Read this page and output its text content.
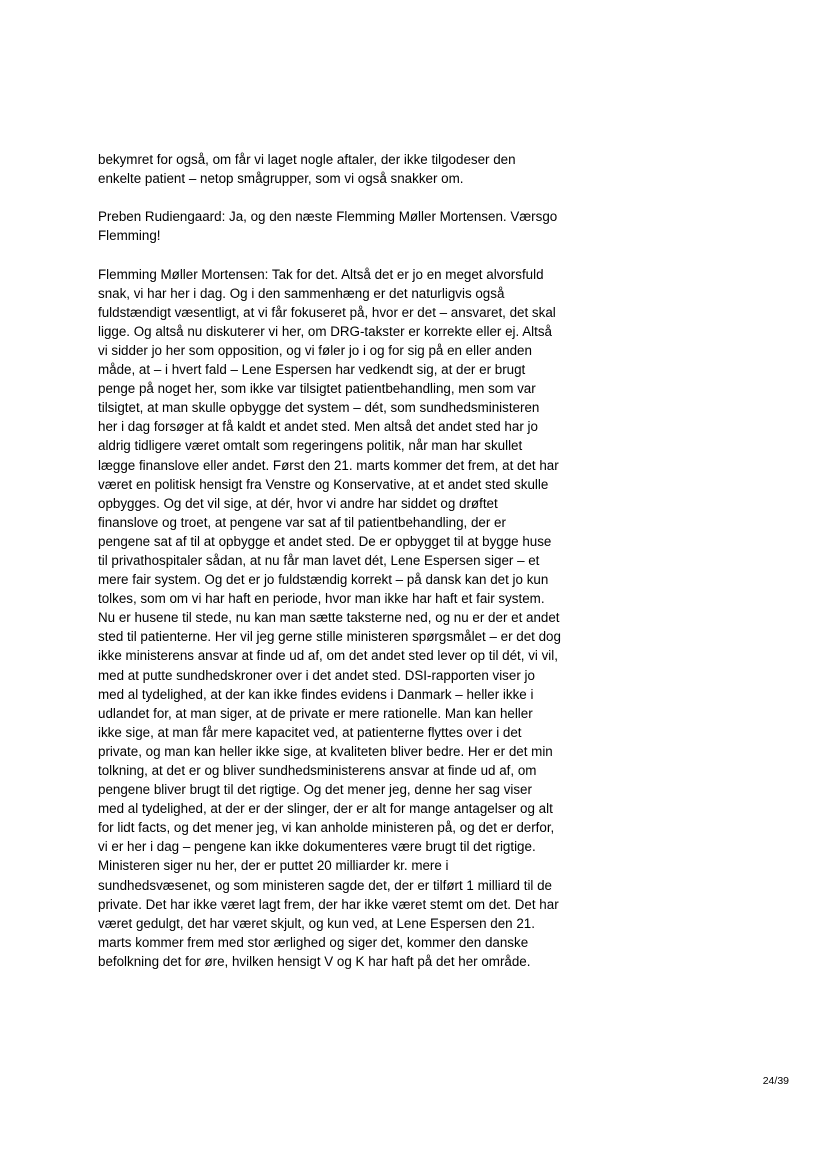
bekymret for også, om får vi laget nogle aftaler, der ikke tilgodeser den
enkelte patient – netop smågrupper, som vi også snakker om.

Preben Rudiengaard: Ja, og den næste Flemming Møller Mortensen. Værsgo
Flemming!

Flemming Møller Mortensen: Tak for det. Altså det er jo en meget alvorsfuld
snak, vi har her i dag. Og i den sammenhæng er det naturligvis også
fuldstændigt væsentligt, at vi får fokuseret på, hvor er det – ansvaret, det skal
ligge. Og altså nu diskuterer vi her, om DRG-takster er korrekte eller ej. Altså
vi sidder jo her som opposition, og vi føler jo i og for sig på en eller anden
måde, at – i hvert fald – Lene Espersen har vedkendt sig, at der er brugt
penge på noget her, som ikke var tilsigtet patientbehandling, men som var
tilsigtet, at man skulle opbygge det system – dét, som sundhedsministeren
her i dag forsøger at få kaldt et andet sted. Men altså det andet sted har jo
aldrig tidligere været omtalt som regeringens politik, når man har skullet
lægge finanslove eller andet. Først den 21. marts kommer det frem, at det har
været en politisk hensigt fra Venstre og Konservative, at et andet sted skulle
opbygges. Og det vil sige, at dér, hvor vi andre har siddet og drøftet
finanslove og troet, at pengene var sat af til patientbehandling, der er
pengene sat af til at opbygge et andet sted. De er opbygget til at bygge huse
til privathospitaler sådan, at nu får man lavet dét, Lene Espersen siger – et
mere fair system. Og det er jo fuldstændig korrekt – på dansk kan det jo kun
tolkes, som om vi har haft en periode, hvor man ikke har haft et fair system.
Nu er husene til stede, nu kan man sætte taksterne ned, og nu er der et andet
sted til patienterne. Her vil jeg gerne stille ministeren spørgsmålet – er det dog
ikke ministerens ansvar at finde ud af, om det andet sted lever op til dét, vi vil,
med at putte sundhedskroner over i det andet sted. DSI-rapporten viser jo
med al tydelighed, at der kan ikke findes evidens i Danmark – heller ikke i
udlandet for, at man siger, at de private er mere rationelle. Man kan heller
ikke sige, at man får mere kapacitet ved, at patienterne flyttes over i det
private, og man kan heller ikke sige, at kvaliteten bliver bedre. Her er det min
tolkning, at det er og bliver sundhedsministerens ansvar at finde ud af, om
pengene bliver brugt til det rigtige. Og det mener jeg, denne her sag viser
med al tydelighed, at der er der slinger, der er alt for mange antagelser og alt
for lidt facts, og det mener jeg, vi kan anholde ministeren på, og det er derfor,
vi er her i dag – pengene kan ikke dokumenteres være brugt til det rigtige.
Ministeren siger nu her, der er puttet 20 milliarder kr. mere i
sundhedsvæsenet, og som ministeren sagde det, der er tilført 1 milliard til de
private. Det har ikke været lagt frem, der har ikke været stemt om det. Det har
været gedulgt, det har været skjult, og kun ved, at Lene Espersen den 21.
marts kommer frem med stor ærlighed og siger det, kommer den danske
befolkning det for øre, hvilken hensigt V og K har haft på det her område.

24/39
